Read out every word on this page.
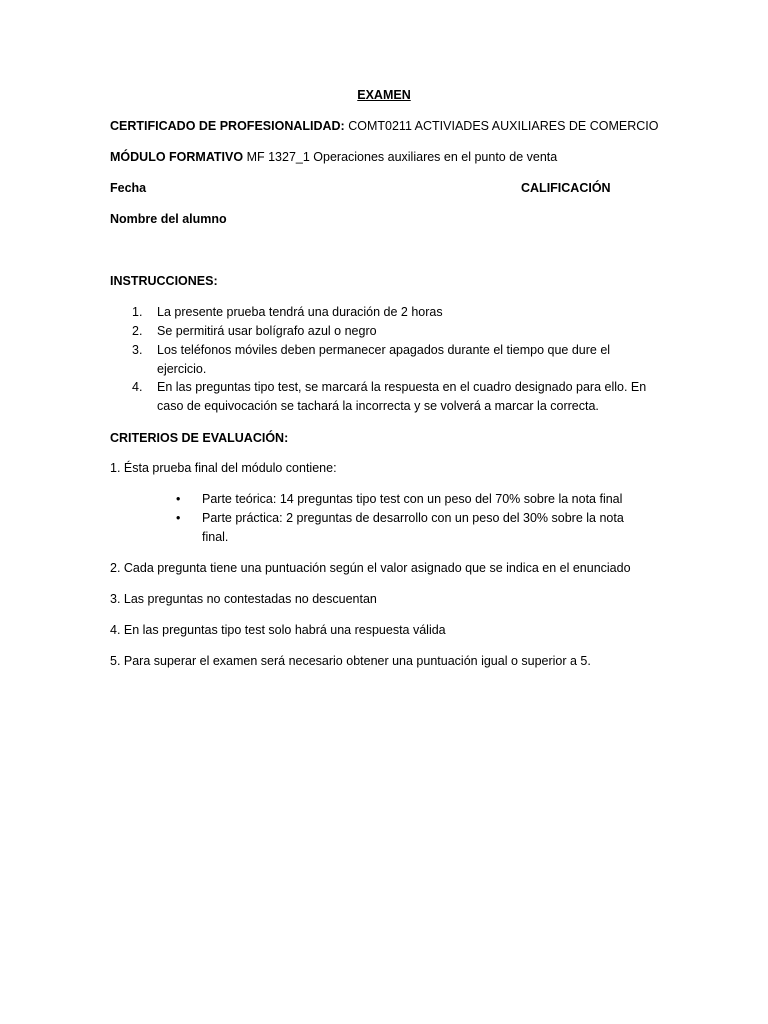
EXAMEN
CERTIFICADO DE PROFESIONALIDAD: COMT0211 ACTIVIADES AUXILIARES DE COMERCIO
MÓDULO FORMATIVO MF 1327_1 Operaciones auxiliares en el punto de venta
Fecha	CALIFICACIÓN
Nombre del alumno
INSTRUCCIONES:
1. La presente prueba tendrá una duración de 2 horas
2. Se permitirá usar bolígrafo azul o negro
3. Los teléfonos móviles deben permanecer apagados durante el tiempo que dure el
ejercicio.
4. En las preguntas tipo test, se marcará la respuesta en el cuadro designado para ello. En
caso de equivocación se tachará la incorrecta y se volverá a marcar la correcta.
CRITERIOS DE EVALUACIÓN:
1. Ésta prueba final del módulo contiene:
• Parte teórica: 14 preguntas tipo test con un peso del 70% sobre la nota final
• Parte práctica: 2 preguntas de desarrollo con un peso del 30% sobre la nota
final.
2. Cada pregunta tiene una puntuación según el valor asignado que se indica en el enunciado
3. Las preguntas no contestadas no descuentan
4. En las preguntas tipo test solo habrá una respuesta válida
5. Para superar el examen será necesario obtener una puntuación igual o superior a 5.
